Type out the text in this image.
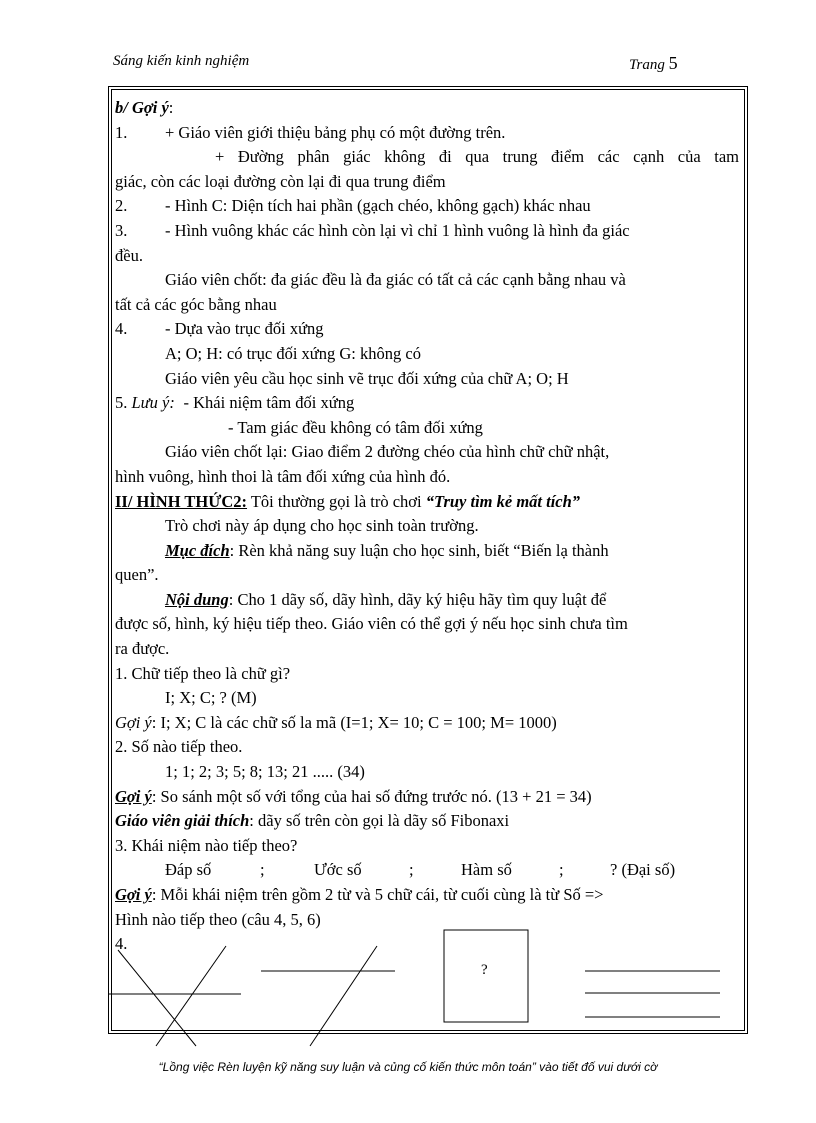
Sáng kiến kinh nghiệm	Trang 5
b/ Gợi ý:
1. + Giáo viên giới thiệu bảng phụ có một đường trên.
+ Đường phân giác không đi qua trung điểm các cạnh của tam
giác, còn các loại đường còn lại đi qua trung điểm
2. - Hình C: Diện tích hai phần (gạch chéo, không gạch) khác nhau
3. - Hình vuông khác các hình còn lại vì chỉ 1 hình vuông là hình đa giác
đều.
Giáo viên chốt: đa giác đều là đa giác có tất cả các cạnh bằng nhau và
tất cả các góc bằng nhau
4. - Dựa vào trục đối xứng
A; O; H: có trục đối xứng G: không có
Giáo viên yêu cầu học sinh vẽ trục đối xứng của chữ A; O; H
5. Lưu ý: - Khái niệm tâm đối xứng
- Tam giác đều không có tâm đối xứng
Giáo viên chốt lại: Giao điểm 2 đường chéo của hình chữ chữ nhật,
hình vuông, hình thoi là tâm đối xứng của hình đó.
II/ HÌNH THỨC2: Tôi thường gọi là trò chơi “Truy tìm kẻ mất tích”
Trò chơi này áp dụng cho học sinh toàn trường.
Mục đích: Rèn khả năng suy luận cho học sinh, biết “Biến lạ thành
quen”.
Nội dung: Cho 1 dãy số, dãy hình, dãy ký hiệu hãy tìm quy luật để
được số, hình, ký hiệu tiếp theo. Giáo viên có thể gợi ý nếu học sinh chưa tìm
ra được.
1. Chữ tiếp theo là chữ gì?
I; X; C; ? (M)
Gợi ý: I; X; C là các chữ số la mã (I=1; X= 10; C = 100; M= 1000)
2. Số nào tiếp theo.
1; 1; 2; 3; 5; 8; 13; 21 ..... (34)
Gợi ý: So sánh một số với tổng của hai số đứng trước nó. (13 + 21 = 34)
Giáo viên giải thích: dãy số trên còn gọi là dãy số Fibonaxi
3. Khái niệm nào tiếp theo?
Đáp số	;	Ước số	;	Hàm số	;	? (Đại số)
Gợi ý: Mỗi khái niệm trên gồm 2 từ và 5 chữ cái, từ cuối cùng là từ Số =>
Hình nào tiếp theo (câu 4, 5, 6)
4.
?
“Lồng việc Rèn luyện kỹ năng suy luận và củng cố kiến thức môn toán” vào tiết đố vui dưới cờ
